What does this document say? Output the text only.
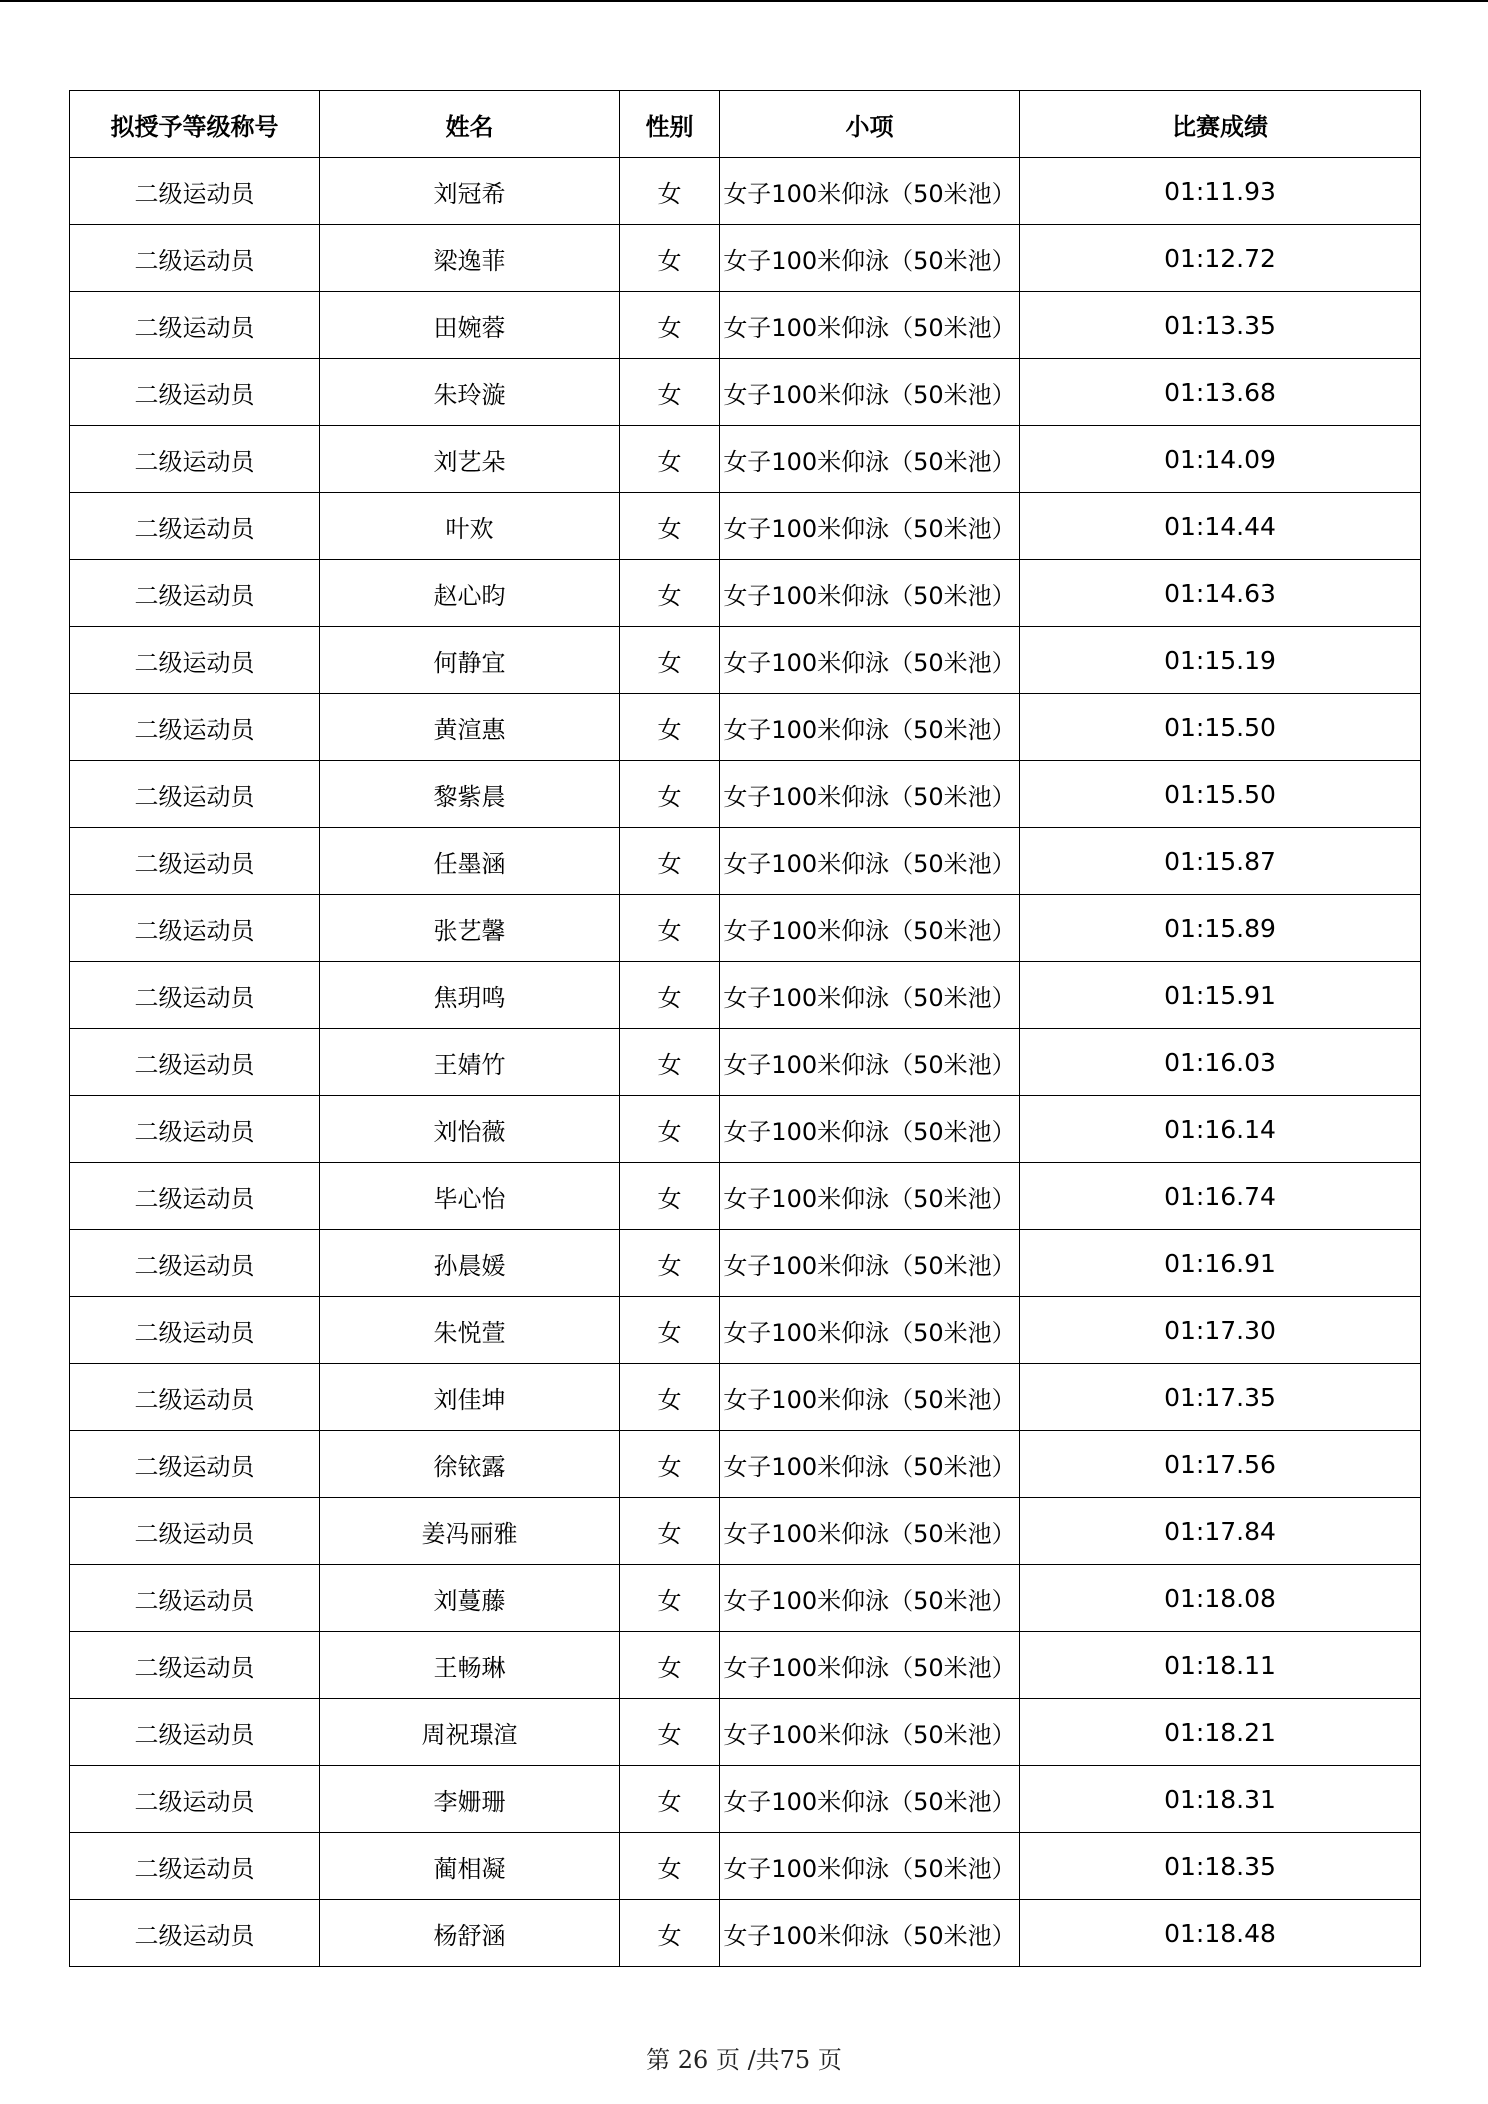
拟授予等级称号	姓名	性别	小项	比赛成绩
二级运动员	刘冠希	女	女子100米仰泳（50米池）	01:11.93
二级运动员	梁逸菲	女	女子100米仰泳（50米池）	01:12.72
二级运动员	田婉蓉	女	女子100米仰泳（50米池）	01:13.35
二级运动员	朱玲漩	女	女子100米仰泳（50米池）	01:13.68
二级运动员	刘艺朵	女	女子100米仰泳（50米池）	01:14.09
二级运动员	叶欢	女	女子100米仰泳（50米池）	01:14.44
二级运动员	赵心昀	女	女子100米仰泳（50米池）	01:14.63
二级运动员	何静宜	女	女子100米仰泳（50米池）	01:15.19
二级运动员	黄渲惠	女	女子100米仰泳（50米池）	01:15.50
二级运动员	黎紫晨	女	女子100米仰泳（50米池）	01:15.50
二级运动员	任墨涵	女	女子100米仰泳（50米池）	01:15.87
二级运动员	张艺馨	女	女子100米仰泳（50米池）	01:15.89
二级运动员	焦玥鸣	女	女子100米仰泳（50米池）	01:15.91
二级运动员	王婧竹	女	女子100米仰泳（50米池）	01:16.03
二级运动员	刘怡薇	女	女子100米仰泳（50米池）	01:16.14
二级运动员	毕心怡	女	女子100米仰泳（50米池）	01:16.74
二级运动员	孙晨媛	女	女子100米仰泳（50米池）	01:16.91
二级运动员	朱悦萱	女	女子100米仰泳（50米池）	01:17.30
二级运动员	刘佳坤	女	女子100米仰泳（50米池）	01:17.35
二级运动员	徐铱露	女	女子100米仰泳（50米池）	01:17.56
二级运动员	姜冯丽雅	女	女子100米仰泳（50米池）	01:17.84
二级运动员	刘蔓藤	女	女子100米仰泳（50米池）	01:18.08
二级运动员	王畅琳	女	女子100米仰泳（50米池）	01:18.11
二级运动员	周祝璟渲	女	女子100米仰泳（50米池）	01:18.21
二级运动员	李姗珊	女	女子100米仰泳（50米池）	01:18.31
二级运动员	蔺相凝	女	女子100米仰泳（50米池）	01:18.35
二级运动员	杨舒涵	女	女子100米仰泳（50米池）	01:18.48
第 26 页 /共75 页
